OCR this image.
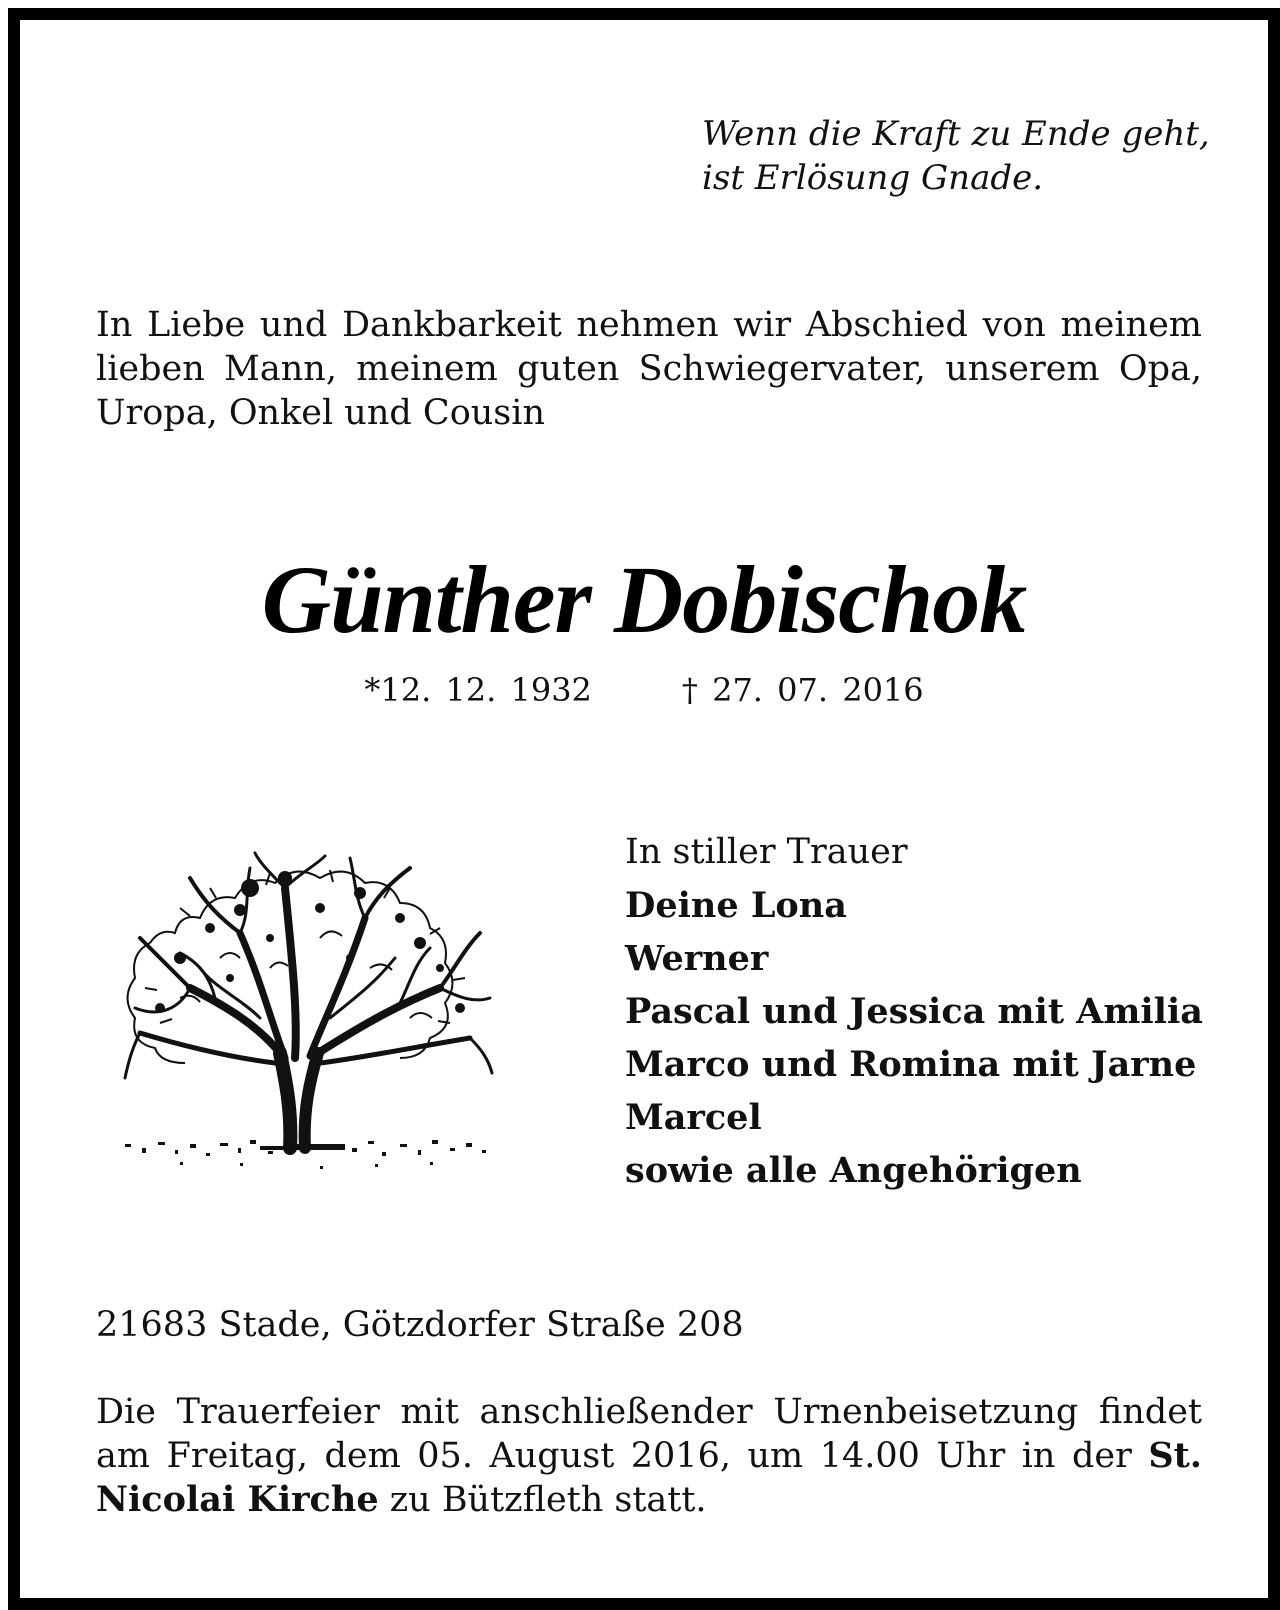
Wenn die Kraft zu Ende geht,
ist Erlösung Gnade.
In Liebe und Dankbarkeit nehmen wir Abschied von meinem lieben Mann, meinem guten Schwiegervater, unserem Opa, Uropa, Onkel und Cousin
Günther Dobischok
*12. 12. 1932	† 27. 07. 2016
In stiller Trauer
Deine Lona
Werner
Pascal und Jessica mit Amilia
Marco und Romina mit Jarne
Marcel
sowie alle Angehörigen
21683 Stade, Götzdorfer Straße 208
Die Trauerfeier mit anschließender Urnenbeisetzung findet am Freitag, dem 05. August 2016, um 14.00 Uhr in der St. Nicolai Kirche zu Bützfleth statt.
